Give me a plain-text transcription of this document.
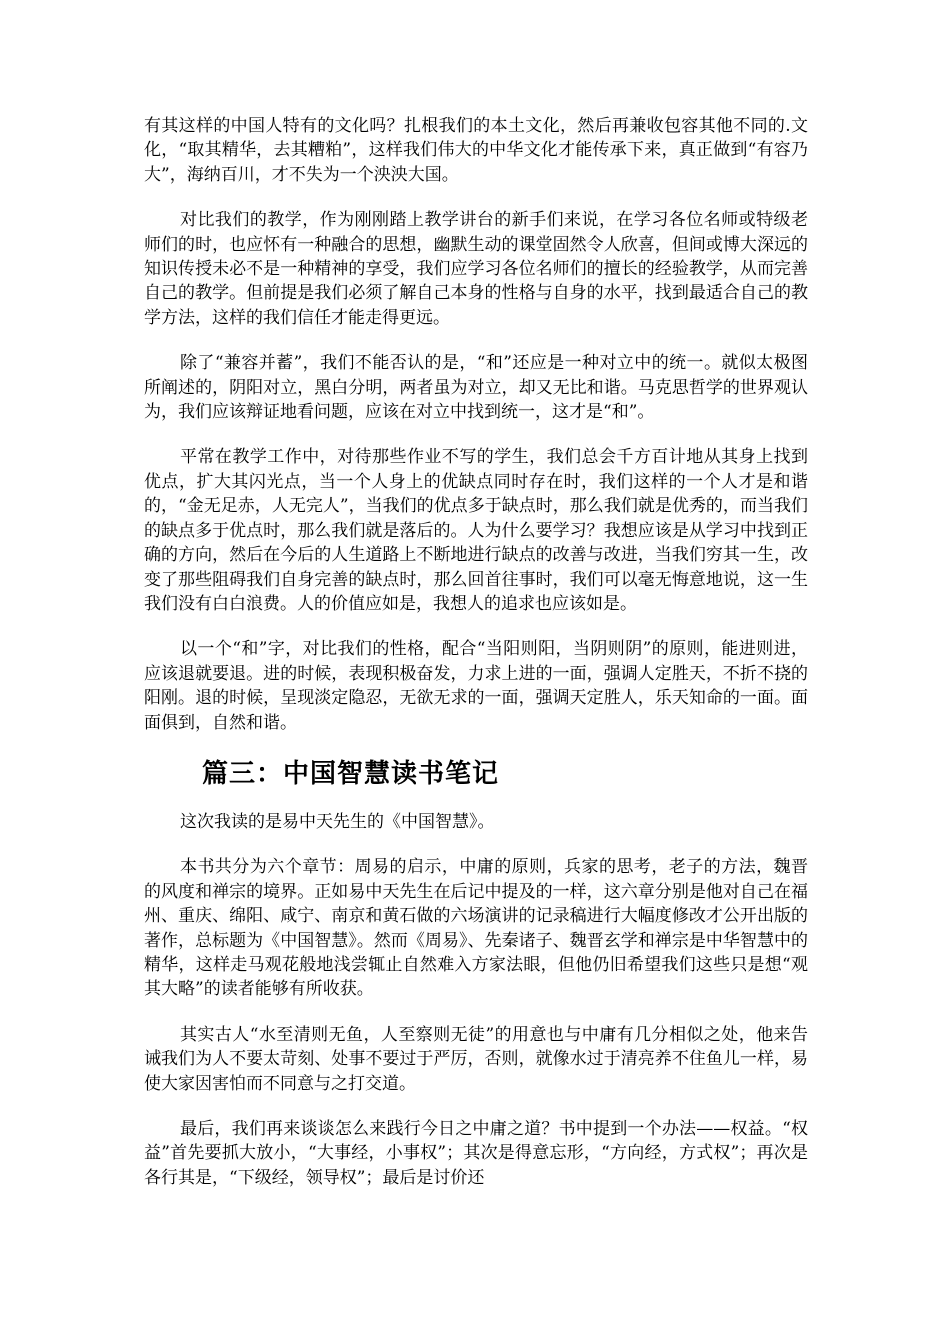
有其这样的中国人特有的文化吗？扎根我们的本土文化，然后再兼收包容其他不同的.文化，“取其精华，去其糟粕”，这样我们伟大的中华文化才能传承下来，真正做到“有容乃大”，海纳百川，才不失为一个泱泱大国。

对比我们的教学，作为刚刚踏上教学讲台的新手们来说，在学习各位名师或特级老师们的时，也应怀有一种融合的思想，幽默生动的课堂固然令人欣喜，但间或博大深远的知识传授未必不是一种精神的享受，我们应学习各位名师们的擅长的经验教学，从而完善自己的教学。但前提是我们必须了解自己本身的性格与自身的水平，找到最适合自己的教学方法，这样的我们信任才能走得更远。

除了“兼容并蓄”，我们不能否认的是，“和”还应是一种对立中的统一。就似太极图所阐述的，阴阳对立，黑白分明，两者虽为对立，却又无比和谐。马克思哲学的世界观认为，我们应该辩证地看问题，应该在对立中找到统一，这才是“和”。

平常在教学工作中，对待那些作业不写的学生，我们总会千方百计地从其身上找到优点，扩大其闪光点，当一个人身上的优缺点同时存在时，我们这样的一个人才是和谐的，“金无足赤，人无完人”，当我们的优点多于缺点时，那么我们就是优秀的，而当我们的缺点多于优点时，那么我们就是落后的。人为什么要学习？我想应该是从学习中找到正确的方向，然后在今后的人生道路上不断地进行缺点的改善与改进，当我们穷其一生，改变了那些阻碍我们自身完善的缺点时，那么回首往事时，我们可以毫无悔意地说，这一生我们没有白白浪费。人的价值应如是，我想人的追求也应该如是。

以一个“和”字，对比我们的性格，配合“当阳则阳，当阴则阴”的原则，能进则进，应该退就要退。进的时候，表现积极奋发，力求上进的一面，强调人定胜天，不折不挠的阳刚。退的时候，呈现淡定隐忍，无欲无求的一面，强调天定胜人，乐天知命的一面。面面俱到，自然和谐。

篇三：中国智慧读书笔记

这次我读的是易中天先生的《中国智慧》。

本书共分为六个章节：周易的启示，中庸的原则，兵家的思考，老子的方法，魏晋的风度和禅宗的境界。正如易中天先生在后记中提及的一样，这六章分别是他对自己在福州、重庆、绵阳、咸宁、南京和黄石做的六场演讲的记录稿进行大幅度修改才公开出版的著作，总标题为《中国智慧》。然而《周易》、先秦诸子、魏晋玄学和禅宗是中华智慧中的精华，这样走马观花般地浅尝辄止自然难入方家法眼，但他仍旧希望我们这些只是想“观其大略”的读者能够有所收获。

其实古人“水至清则无鱼，人至察则无徒”的用意也与中庸有几分相似之处，他来告诫我们为人不要太苛刻、处事不要过于严厉，否则，就像水过于清亮养不住鱼儿一样，易使大家因害怕而不同意与之打交道。

最后，我们再来谈谈怎么来践行今日之中庸之道？书中提到一个办法——权益。“权益”首先要抓大放小，“大事经，小事权”；其次是得意忘形，“方向经，方式权”；再次是各行其是，“下级经，领导权”；最后是讨价还
